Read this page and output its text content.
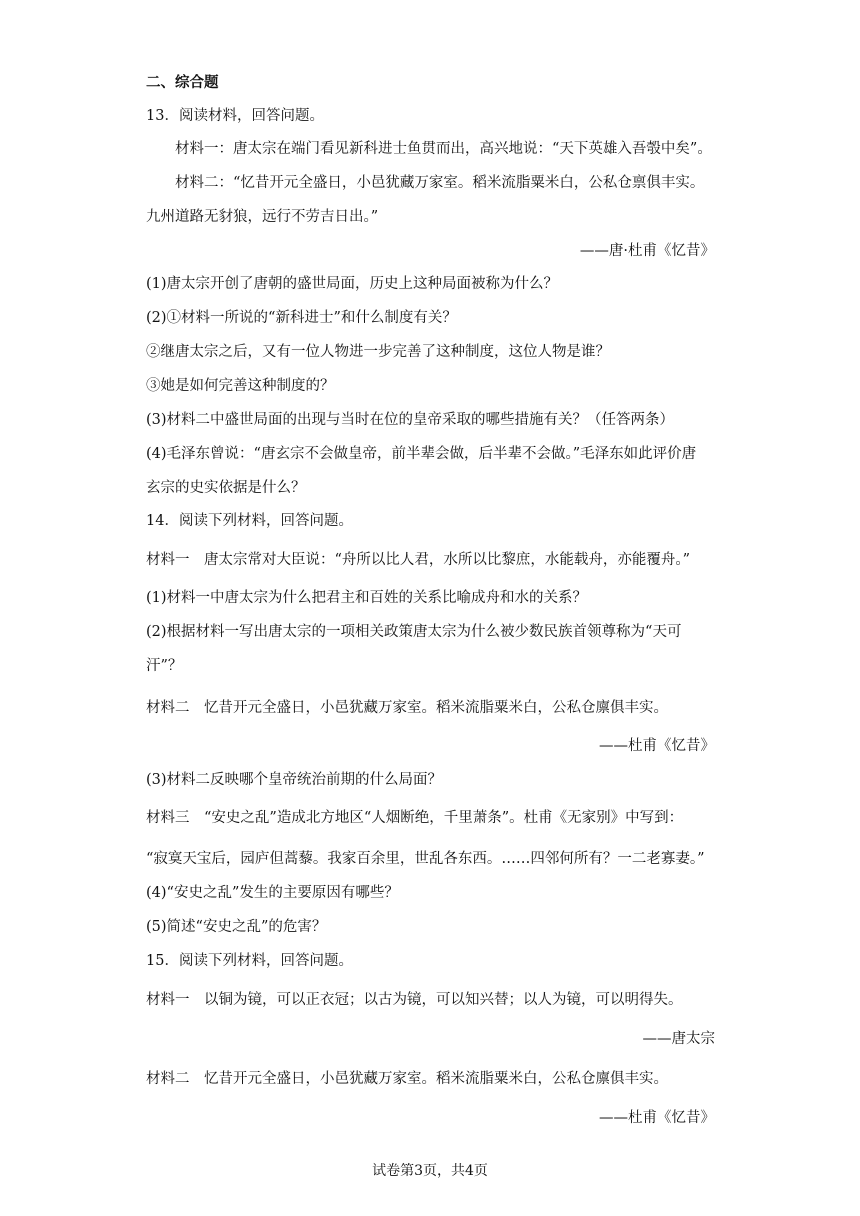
二、综合题
13．阅读材料，回答问题。
材料一：唐太宗在端门看见新科进士鱼贯而出，高兴地说：“天下英雄入吾彀中矣”。
材料二：“忆昔开元全盛日，小邑犹藏万家室。稻米流脂粟米白，公私仓禀俱丰实。
九州道路无豺狼，远行不劳吉日出。”
——唐·杜甫《忆昔》
(1)唐太宗开创了唐朝的盛世局面，历史上这种局面被称为什么？
(2)①材料一所说的“新科进士”和什么制度有关？
②继唐太宗之后，又有一位人物进一步完善了这种制度，这位人物是谁？
③她是如何完善这种制度的？
(3)材料二中盛世局面的出现与当时在位的皇帝采取的哪些措施有关？（任答两条）
(4)毛泽东曾说：“唐玄宗不会做皇帝，前半辈会做，后半辈不会做。”毛泽东如此评价唐
玄宗的史实依据是什么？
14．阅读下列材料，回答问题。
材料一　唐太宗常对大臣说：“舟所以比人君，水所以比黎庶，水能载舟，亦能覆舟。”
(1)材料一中唐太宗为什么把君主和百姓的关系比喻成舟和水的关系？
(2)根据材料一写出唐太宗的一项相关政策唐太宗为什么被少数民族首领尊称为“天可
汗”？
材料二　忆昔开元全盛日，小邑犹藏万家室。稻米流脂粟米白，公私仓廪俱丰实。
——杜甫《忆昔》
(3)材料二反映哪个皇帝统治前期的什么局面？
材料三　“安史之乱”造成北方地区“人烟断绝，千里萧条”。杜甫《无家别》中写到：
“寂寞天宝后，园庐但蒿藜。我家百余里，世乱各东西。……四邻何所有？一二老寡妻。”
(4)“安史之乱”发生的主要原因有哪些？
(5)简述“安史之乱”的危害？
15．阅读下列材料，回答问题。
材料一　以铜为镜，可以正衣冠；以古为镜，可以知兴替；以人为镜，可以明得失。
——唐太宗
材料二　忆昔开元全盛日，小邑犹藏万家室。稻米流脂粟米白，公私仓廪俱丰实。
——杜甫《忆昔》
试卷第3页，共4页
